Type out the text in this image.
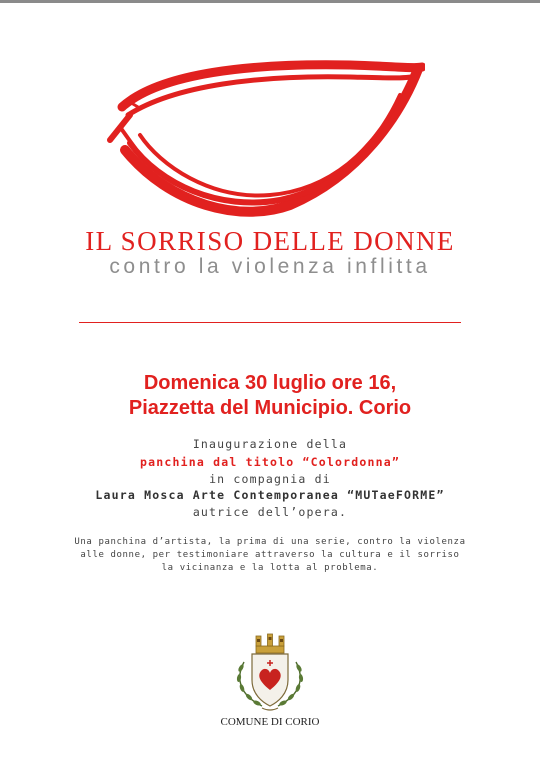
IL SORRISO DELLE DONNE
contro la violenza inflitta
Domenica 30 luglio ore 16,
Piazzetta del Municipio. Corio
Inaugurazione della
panchina dal titolo “Colordonna”
in compagnia di
Laura Mosca Arte Contemporanea “MUTaeFORME”
autrice dell’opera.
Una panchina d’artista, la prima di una serie, contro la violenza
alle donne, per testimoniare attraverso la cultura e il sorriso
la vicinanza e la lotta al problema.
COMUNE DI CORIO
